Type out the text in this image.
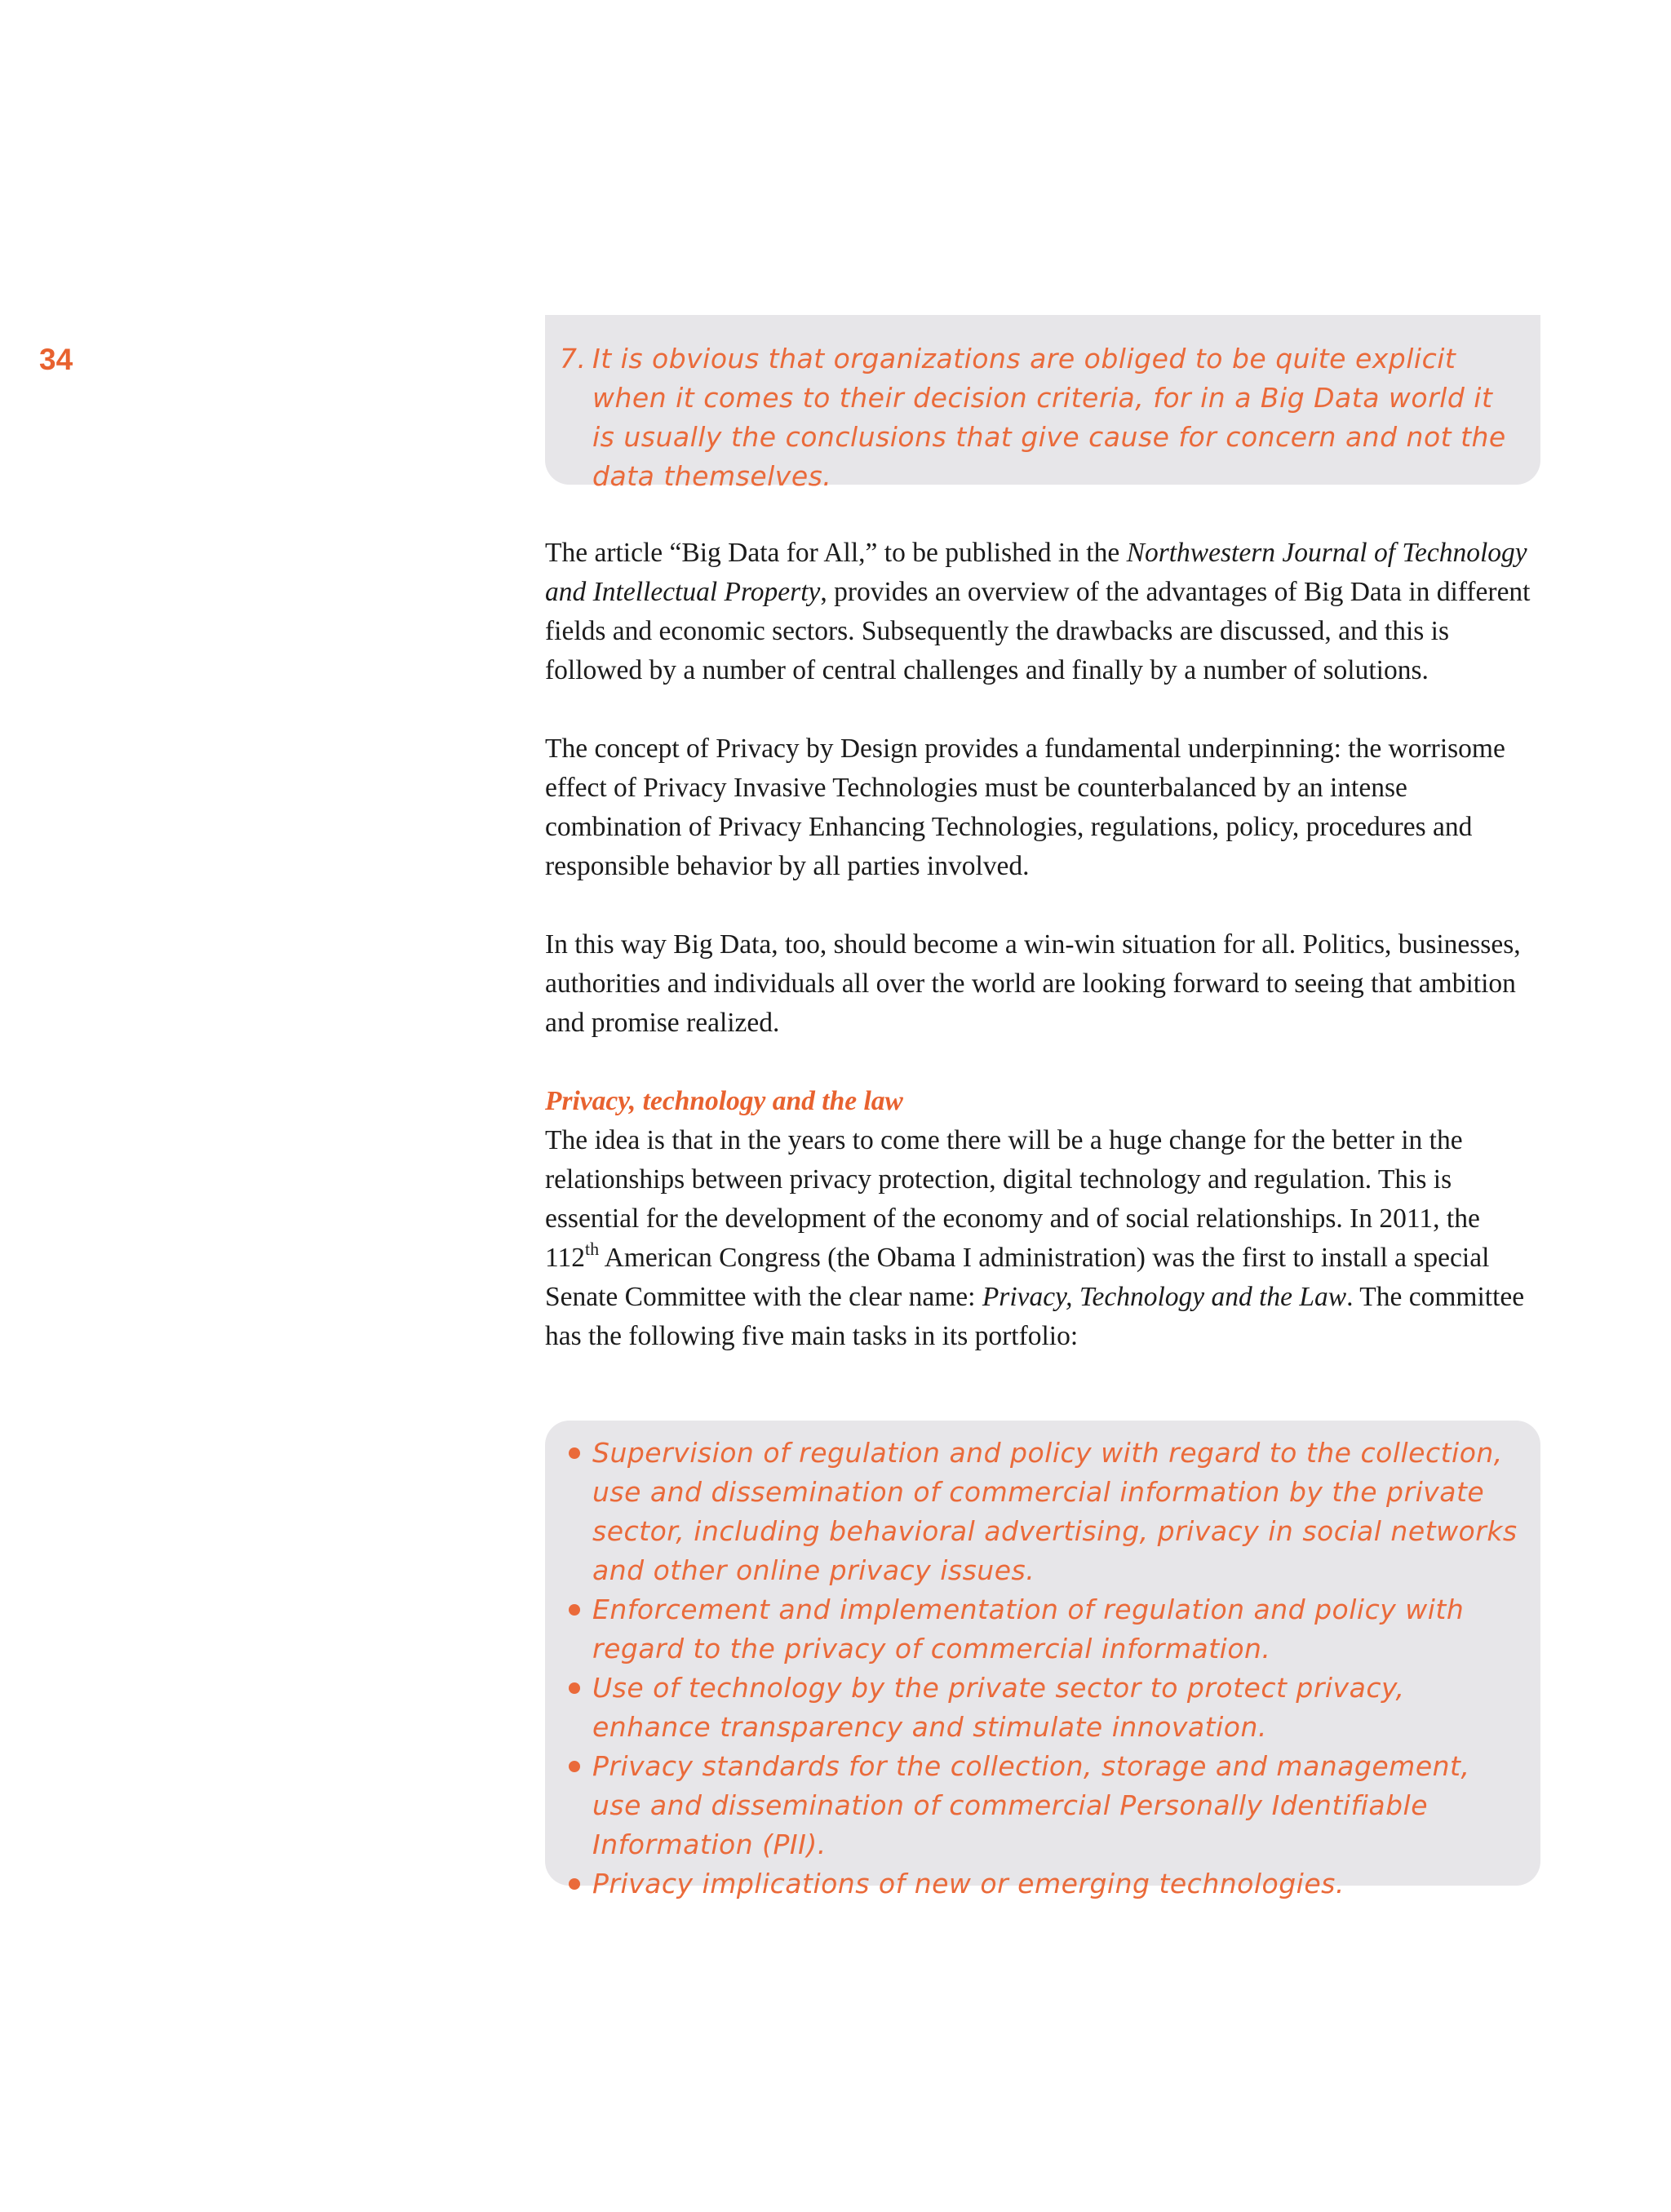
34	7. It is obvious that organizations are obliged to be quite explicit when it comes to their decision criteria, for in a Big Data world it is usually the conclusions that give cause for concern and not the data themselves.

The article “Big Data for All,” to be published in the Northwestern Journal of Technology and Intellectual Property, provides an overview of the advantages of Big Data in different fields and economic sectors. Subsequently the drawbacks are discussed, and this is followed by a number of central challenges and finally by a number of solutions.

The concept of Privacy by Design provides a fundamental underpinning: the worrisome effect of Privacy Invasive Technologies must be counterbalanced by an intense combination of Privacy Enhancing Technologies, regulations, policy, procedures and responsible behavior by all parties involved.

In this way Big Data, too, should become a win-win situation for all. Politics, businesses, authorities and individuals all over the world are looking forward to seeing that ambition and promise realized.

Privacy, technology and the law
The idea is that in the years to come there will be a huge change for the better in the relationships between privacy protection, digital technology and regulation. This is essential for the development of the economy and of social relationships. In 2011, the 112th American Congress (the Obama I administration) was the first to install a special Senate Committee with the clear name: Privacy, Technology and the Law. The committee has the following five main tasks in its portfolio:

Supervision of regulation and policy with regard to the collection, use and dissemination of commercial information by the private sector, including behavioral advertising, privacy in social networks and other online privacy issues.
Enforcement and implementation of regulation and policy with regard to the privacy of commercial information.
Use of technology by the private sector to protect privacy, enhance transparency and stimulate innovation.
Privacy standards for the collection, storage and management, use and dissemination of commercial Personally Identifiable Information (PII).
Privacy implications of new or emerging technologies.
